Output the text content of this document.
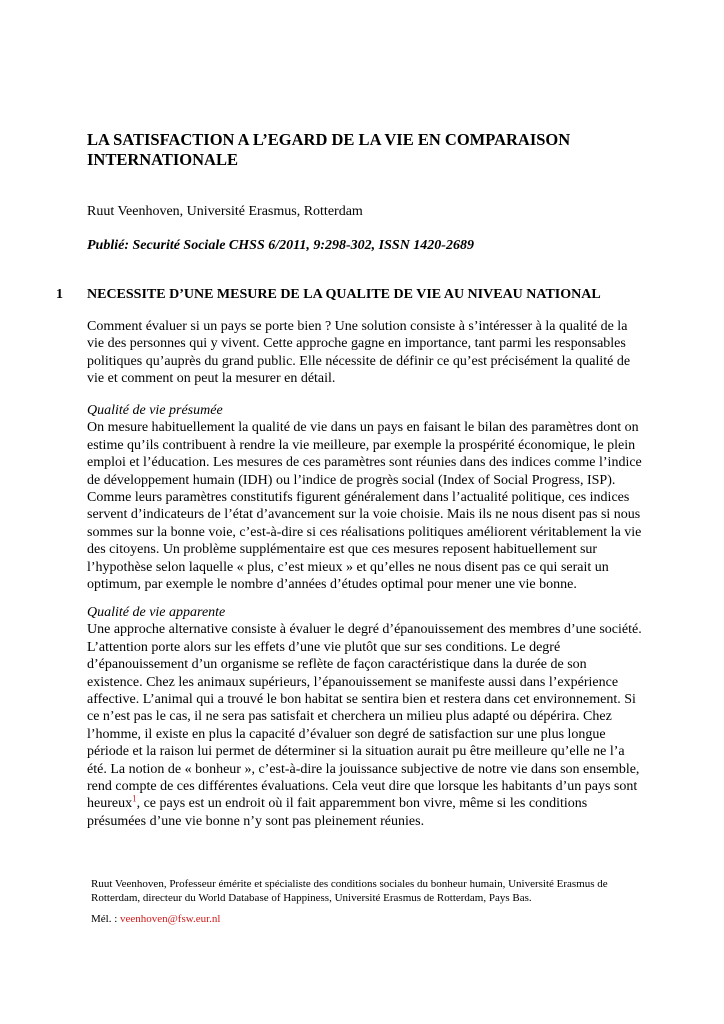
LA SATISFACTION A L’EGARD DE LA VIE EN COMPARAISON
INTERNATIONALE

Ruut Veenhoven, Université Erasmus, Rotterdam

Publié: Securité Sociale CHSS 6/2011, 9:298-302, ISSN 1420-2689

1 NECESSITE D’UNE MESURE DE LA QUALITE DE VIE AU NIVEAU NATIONAL
Comment évaluer si un pays se porte bien ? Une solution consiste à s’intéresser à la qualité de la
vie des personnes qui y vivent. Cette approche gagne en importance, tant parmi les responsables
politiques qu’auprès du grand public. Elle nécessite de définir ce qu’est précisément la qualité de
vie et comment on peut la mesurer en détail.
Qualité de vie présumée
On mesure habituellement la qualité de vie dans un pays en faisant le bilan des paramètres dont on
estime qu’ils contribuent à rendre la vie meilleure, par exemple la prospérité économique, le plein
emploi et l’éducation. Les mesures de ces paramètres sont réunies dans des indices comme l’indice
de développement humain (IDH) ou l’indice de progrès social (Index of Social Progress, ISP).
Comme leurs paramètres constitutifs figurent généralement dans l’actualité politique, ces indices
servent d’indicateurs de l’état d’avancement sur la voie choisie. Mais ils ne nous disent pas si nous
sommes sur la bonne voie, c’est-à-dire si ces réalisations politiques améliorent véritablement la vie
des citoyens. Un problème supplémentaire est que ces mesures reposent habituellement sur
l’hypothèse selon laquelle « plus, c’est mieux » et qu’elles ne nous disent pas ce qui serait un
optimum, par exemple le nombre d’années d’études optimal pour mener une vie bonne.
Qualité de vie apparente
Une approche alternative consiste à évaluer le degré d’épanouissement des membres d’une société.
L’attention porte alors sur les effets d’une vie plutôt que sur ses conditions. Le degré
d’épanouissement d’un organisme se reflète de façon caractéristique dans la durée de son
existence. Chez les animaux supérieurs, l’épanouissement se manifeste aussi dans l’expérience
affective. L’animal qui a trouvé le bon habitat se sentira bien et restera dans cet environnement. Si
ce n’est pas le cas, il ne sera pas satisfait et cherchera un milieu plus adapté ou dépérira. Chez
l’homme, il existe en plus la capacité d’évaluer son degré de satisfaction sur une plus longue
période et la raison lui permet de déterminer si la situation aurait pu être meilleure qu’elle ne l’a
été. La notion de « bonheur », c’est-à-dire la jouissance subjective de notre vie dans son ensemble,
rend compte de ces différentes évaluations. Cela veut dire que lorsque les habitants d’un pays sont
heureux$^1$, ce pays est un endroit où il fait apparemment bon vivre, même si les conditions
présumées d’une vie bonne n’y sont pas pleinement réunies.
Ruut Veenhoven, Professeur émérite et spécialiste des conditions sociales du bonheur humain, Université Erasmus de
Rotterdam, directeur du World Database of Happiness, Université Erasmus de Rotterdam, Pays Bas.

Mél. : veenhoven@fsw.eur.nl
